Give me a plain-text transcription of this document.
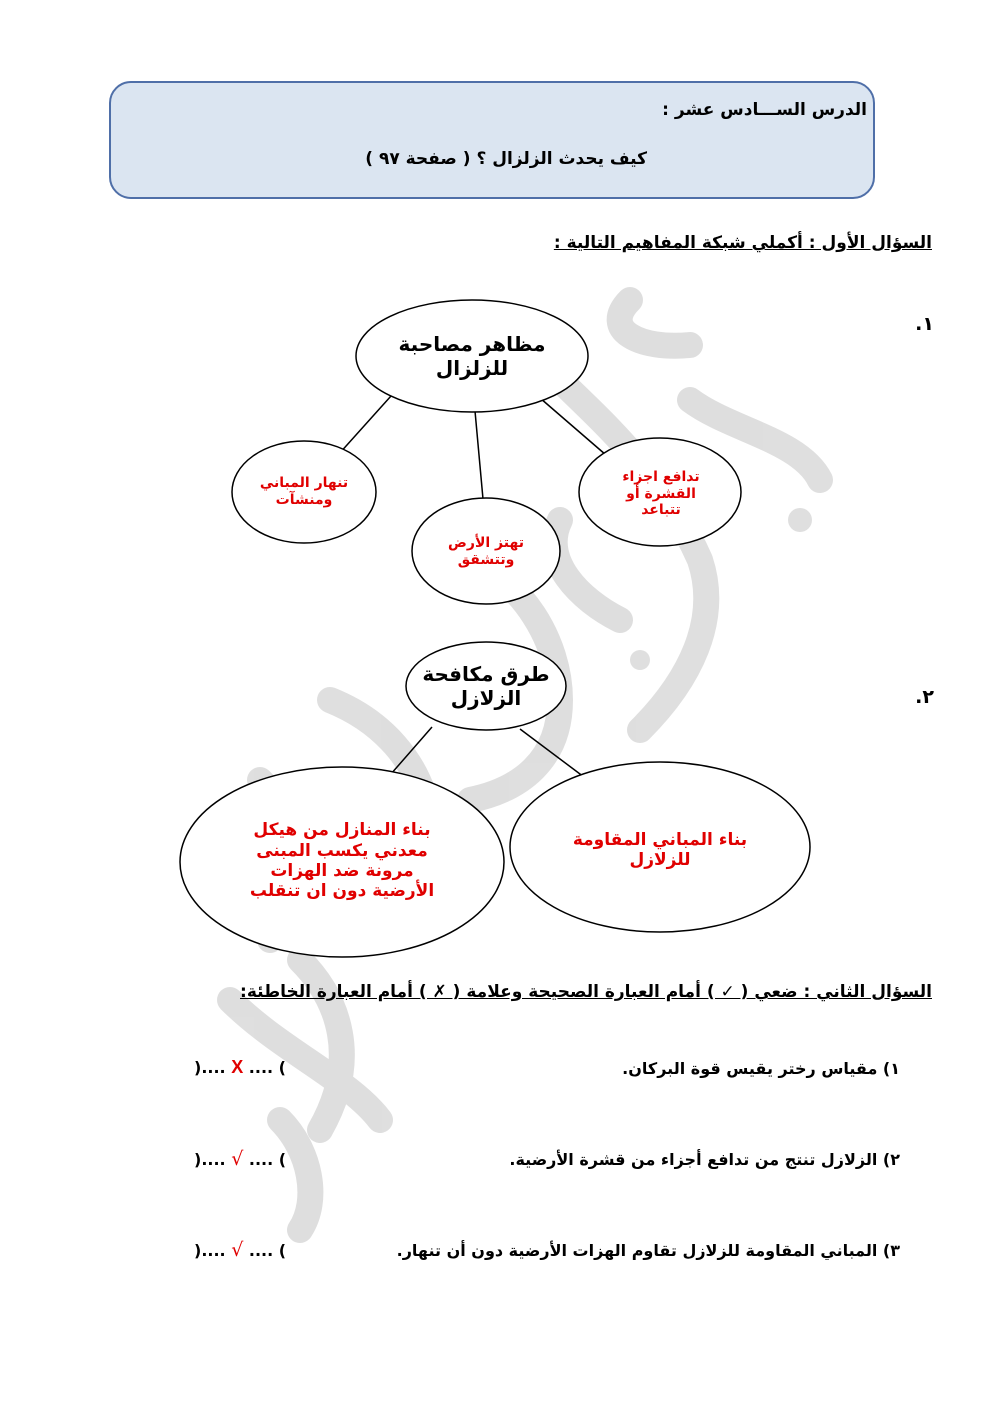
الدرس الســـادس عشر :
كيف يحدث الزلزال ؟ ( صفحة ٩٧ )
السؤال الأول : أكملي شبكة المفاهيم التالية :
١.
٢.
مظاهر مصاحبة
للزلزال
تنهار المباني
ومنشآت
تهتز الأرض
وتتشقق
تدافع اجزاء
القشرة أو
تتباعد
طرق مكافحة
الزلازل
بناء المنازل من هيكل
معدني يكسب المبنى
مرونة ضد الهزات
الأرضية دون ان تنقلب
بناء المباني المقاومة
للزلازل
السؤال الثاني : ضعي ( ✓ ) أمام العبارة الصحيحة وعلامة ( ✗ ) أمام العبارة الخاطئة:
١) مقياس رختر يقيس قوة البركان.
٢) الزلازل تنتج من تدافع أجزاء من قشرة الأرضية.
٣) المباني المقاومة للزلازل تقاوم الهزات الأرضية دون أن تنهار.
).... X .... (
).... √ .... (
).... √ .... (
